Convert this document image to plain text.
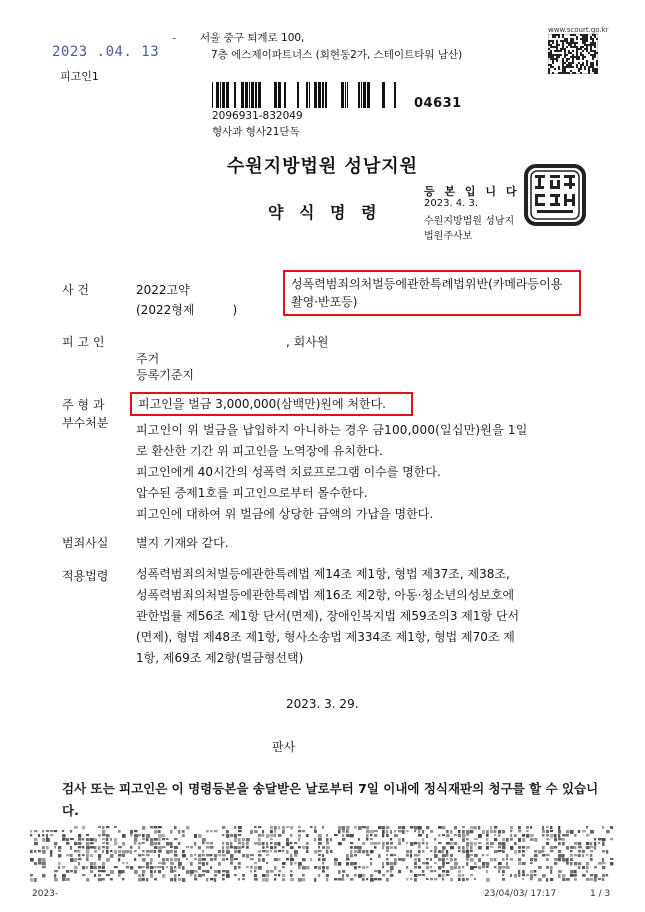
2023 .04. 13
피고인1
˘ 서울 중구 퇴계로 100,
7층 에스제이파트너스 (회현동2가, 스테이트타워 남산)
www.scourt.go.kr
2096931-832049
04631
형사과 형사21단독
수원지방법원 성남지원
약 식 명 령
등 본 입 니 다
2023. 4. 3.
수원지방법원 성남지
법원주사보
사 건	2022고약
(2022형제          )
성폭력범죄의처벌등에관한특례법위반(카메라등이용촬영·반포등)
피 고 인	, 회사원
주거
등록기준지
주 형 과
부수처분
피고인을 벌금 3,000,000(삼백만)원에 처한다.
피고인이 위 벌금을 납입하지 아니하는 경우 금100,000(일십만)원을 1일
로 환산한 기간 위 피고인을 노역장에 유치한다.
피고인에게 40시간의 성폭력 치료프로그램 이수를 명한다.
압수된 증제1호를 피고인으로부터 몰수한다.
피고인에 대하여 위 벌금에 상당한 금액의 가납을 명한다.
범죄사실 별지 기재와 같다.
적용법령 성폭력범죄의처벌등에관한특례법 제14조 제1항, 형법 제37조, 제38조,
성폭력범죄의처벌등에관한특례법 제16조 제2항, 아동·청소년의성보호에
관한법률 제56조 제1항 단서(면제), 장애인복지법 제59조의3 제1항 단서
(면제), 형법 제48조 제1항, 형사소송법 제334조 제1항, 형법 제70조 제
1항, 제69조 제2항(벌금형선택)
2023. 3. 29.
판사
검사 또는 피고인은 이 명령등본을 송달받은 날로부터 7일 이내에 정식재판의 청구를 할 수 있습니다.
2023-	23/04/03/ 17:17	1 / 3
